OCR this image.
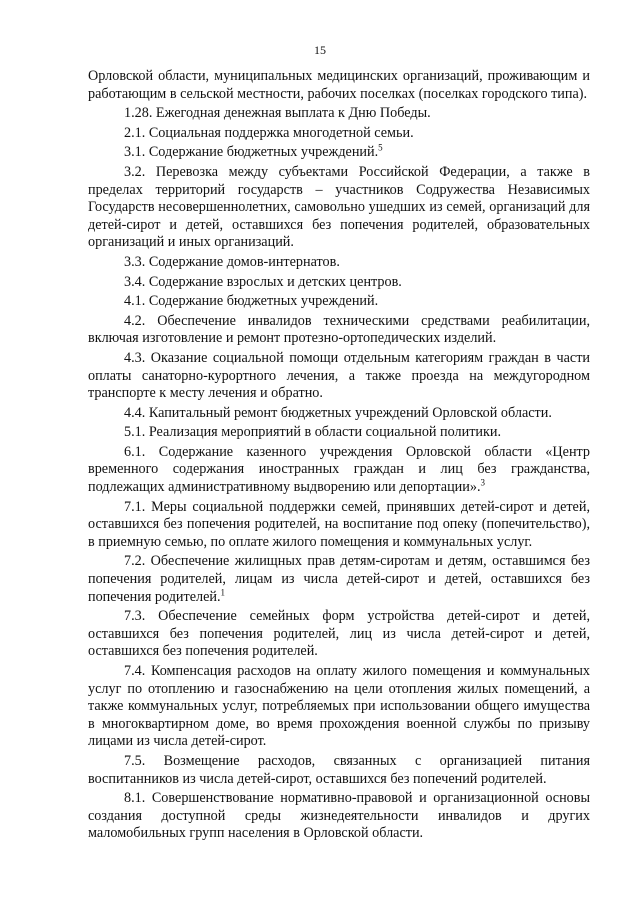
15

Орловской области, муниципальных медицинских организаций, проживающим и работающим в сельской местности, рабочих поселках (поселках городского типа).

1.28. Ежегодная денежная выплата к Дню Победы.

2.1. Социальная поддержка многодетной семьи.

3.1. Содержание бюджетных учреждений.$^5$

3.2. Перевозка между субъектами Российской Федерации, а также в пределах территорий государств – участников Содружества Независимых Государств несовершеннолетних, самовольно ушедших из семей, организаций для детей-сирот и детей, оставшихся без попечения родителей, образовательных организаций и иных организаций.

3.3. Содержание домов-интернатов.

3.4. Содержание взрослых и детских центров.

4.1. Содержание бюджетных учреждений.

4.2. Обеспечение инвалидов техническими средствами реабилитации, включая изготовление и ремонт протезно-ортопедических изделий.

4.3. Оказание социальной помощи отдельным категориям граждан в части оплаты санаторно-курортного лечения, а также проезда на междугородном транспорте к месту лечения и обратно.

4.4. Капитальный ремонт бюджетных учреждений Орловской области.

5.1. Реализация мероприятий в области социальной политики.

6.1. Содержание казенного учреждения Орловской области «Центр временного содержания иностранных граждан и лиц без гражданства, подлежащих административному выдворению или депортации».$^3$

7.1. Меры социальной поддержки семей, принявших детей-сирот и детей, оставшихся без попечения родителей, на воспитание под опеку (попечительство), в приемную семью, по оплате жилого помещения и коммунальных услуг.

7.2. Обеспечение жилищных прав детям-сиротам и детям, оставшимся без попечения родителей, лицам из числа детей-сирот и детей, оставшихся без попечения родителей.$^1$

7.3. Обеспечение семейных форм устройства детей-сирот и детей, оставшихся без попечения родителей, лиц из числа детей-сирот и детей, оставшихся без попечения родителей.

7.4. Компенсация расходов на оплату жилого помещения и коммунальных услуг по отоплению и газоснабжению на цели отопления жилых помещений, а также коммунальных услуг, потребляемых при использовании общего имущества в многоквартирном доме, во время прохождения военной службы по призыву лицами из числа детей-сирот.

7.5. Возмещение расходов, связанных с организацией питания воспитанников из числа детей-сирот, оставшихся без попечений родителей.

8.1. Совершенствование нормативно-правовой и организационной основы создания доступной среды жизнедеятельности инвалидов и других маломобильных групп населения в Орловской области.
